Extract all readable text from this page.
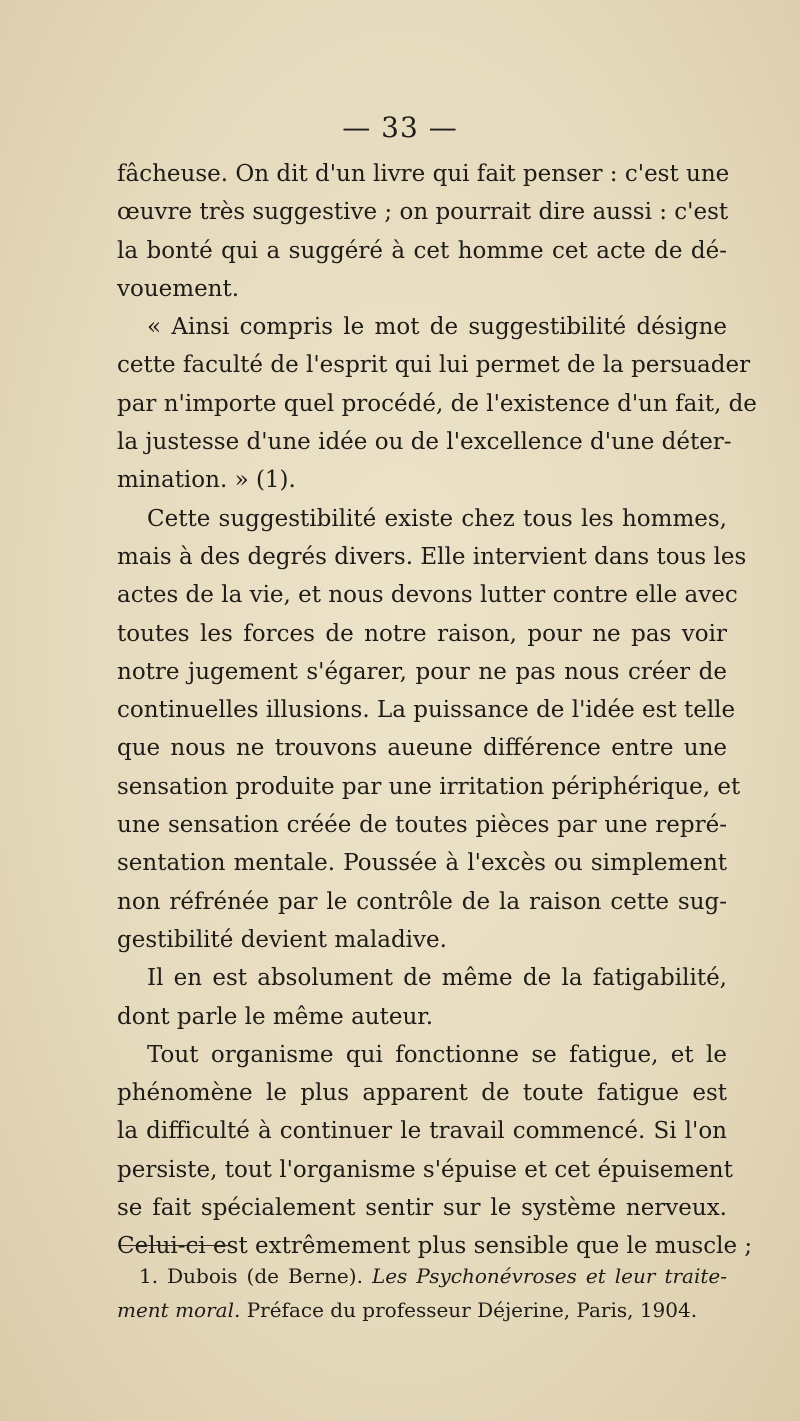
— 33 —
fâcheuse. On dit d'un livre qui fait penser : c'est une
œuvre très suggestive ; on pourrait dire aussi : c'est
la bonté qui a suggéré à cet homme cet acte de dé-
vouement.
« Ainsi compris le mot de suggestibilité désigne
cette faculté de l'esprit qui lui permet de la persuader
par n'importe quel procédé, de l'existence d'un fait, de
la justesse d'une idée ou de l'excellence d'une déter-
mination. » (1).
Cette suggestibilité existe chez tous les hommes,
mais à des degrés divers. Elle intervient dans tous les
actes de la vie, et nous devons lutter contre elle avec
toutes les forces de notre raison, pour ne pas voir
notre jugement s'égarer, pour ne pas nous créer de
continuelles illusions. La puissance de l'idée est telle
que nous ne trouvons aueune différence entre une
sensation produite par une irritation périphérique, et
une sensation créée de toutes pièces par une repré-
sentation mentale. Poussée à l'excès ou simplement
non réfrénée par le contrôle de la raison cette sug-
gestibilité devient maladive.
Il en est absolument de même de la fatigabilité,
dont parle le même auteur.
Tout organisme qui fonctionne se fatigue, et le
phénomène le plus apparent de toute fatigue est
la difficulté à continuer le travail commencé. Si l'on
persiste, tout l'organisme s'épuise et cet épuisement
se fait spécialement sentir sur le système nerveux.
Celui-ci est extrêmement plus sensible que le muscle ;
1. Dubois (de Berne). Les Psychonévroses et leur traite-
ment moral. Préface du professeur Déjerine, Paris, 1904.
